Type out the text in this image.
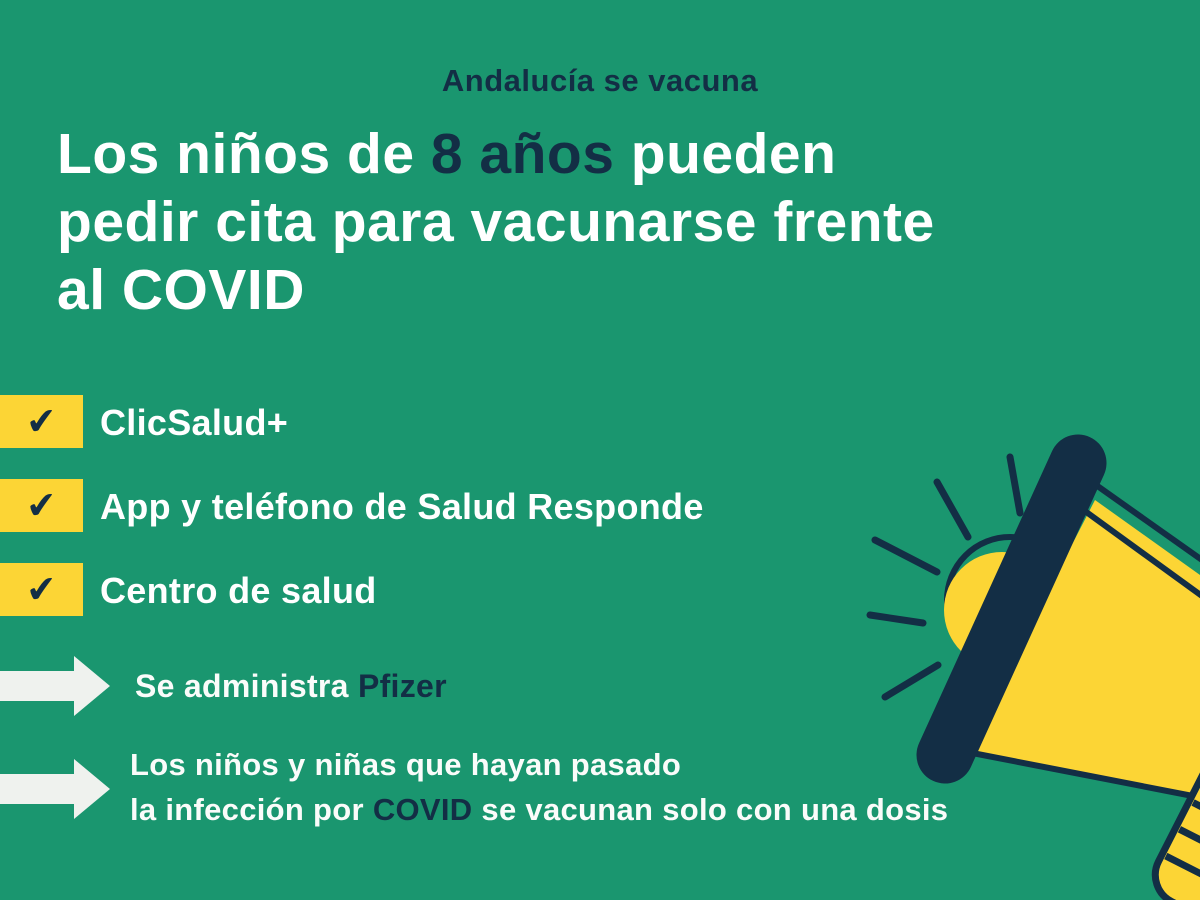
Andalucía se vacuna
Los niños de 8 años pueden
pedir cita para vacunarse frente
al COVID
✔ ClicSalud+
✔ App y teléfono de Salud Responde
✔ Centro de salud
Se administra Pfizer
Los niños y niñas que hayan pasado
la infección por COVID se vacunan solo con una dosis
